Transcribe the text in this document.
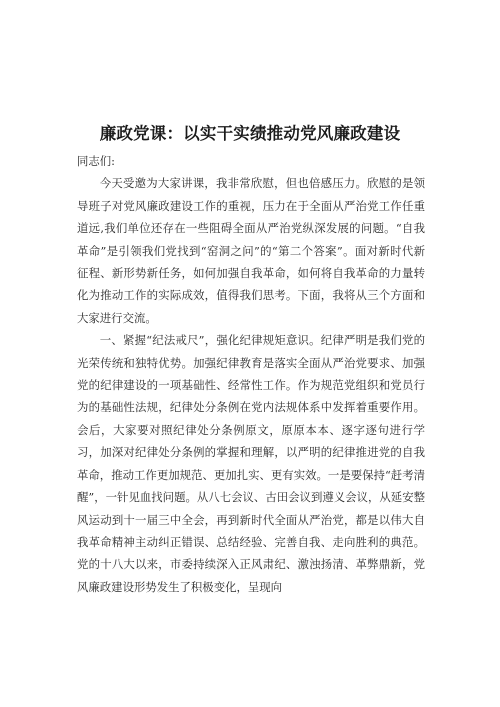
廉政党课：以实干实绩推动党风廉政建设

同志们:

今天受邀为大家讲课，我非常欣慰，但也倍感压力。欣慰的是领导班子对党风廉政建设工作的重视，压力在于全面从严治党工作任重道远,我们单位还存在一些阻碍全面从严治党纵深发展的问题。“自我革命”是引领我们党找到“窑洞之问”的“第二个答案”。面对新时代新征程、新形势新任务，如何加强自我革命，如何将自我革命的力量转化为推动工作的实际成效，值得我们思考。下面，我将从三个方面和大家进行交流。

一、紧握“纪法戒尺”，强化纪律规矩意识。纪律严明是我们党的光荣传统和独特优势。加强纪律教育是落实全面从严治党要求、加强党的纪律建设的一项基础性、经常性工作。作为规范党组织和党员行为的基础性法规，纪律处分条例在党内法规体系中发挥着重要作用。会后，大家要对照纪律处分条例原文，原原本本、逐字逐句进行学习，加深对纪律处分条例的掌握和理解，以严明的纪律推进党的自我革命，推动工作更加规范、更加扎实、更有实效。一是要保持“赶考清醒”，一针见血找问题。从八七会议、古田会议到遵义会议，从延安整风运动到十一届三中全会，再到新时代全面从严治党，都是以伟大自我革命精神主动纠正错误、总结经验、完善自我、走向胜利的典范。党的十八大以来，市委持续深入正风肃纪、激浊扬清、革弊鼎新，党风廉政建设形势发生了积极变化，呈现向
